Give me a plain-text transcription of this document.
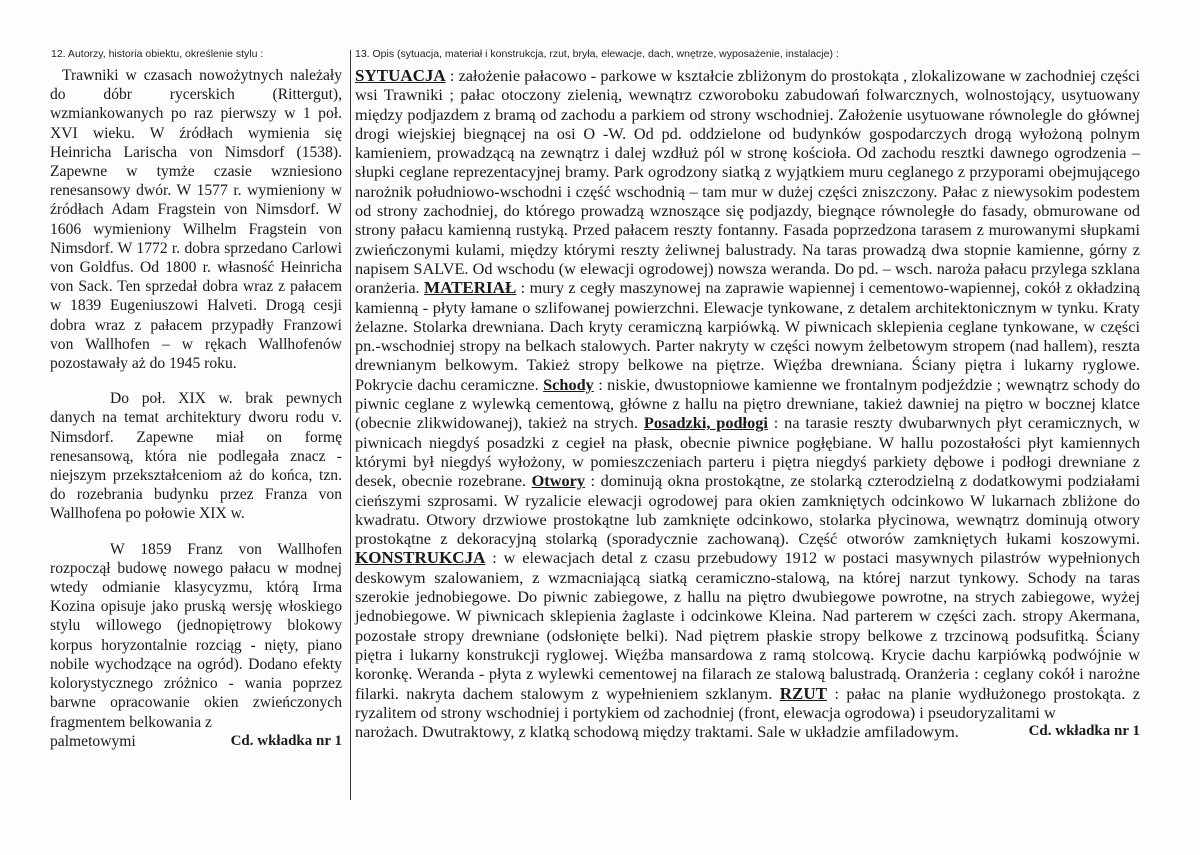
12. Autorzy, historia obiektu, określenie stylu :

Trawniki w czasach nowożytnych należały do dóbr rycerskich (Rittergut), wzmiankowanych po raz pierwszy w 1 poł. XVI wieku. W źródłach wymienia się Heinricha Larischa von Nimsdorf (1538). Zapewne w tymże czasie wzniesiono renesansowy dwór. W 1577 r. wymieniony w źródłach Adam Fragstein von Nimsdorf. W 1606 wymieniony Wilhelm Fragstein von Nimsdorf. W 1772 r. dobra sprzedano Carlowi von Goldfus. Od 1800 r. własność Heinricha von Sack. Ten sprzedał dobra wraz z pałacem w 1839 Eugeniuszowi Halveti. Drogą cesji dobra wraz z pałacem przypadły Franzowi von Wallhofen – w rękach Wallhofenów pozostawały aż do 1945 roku.

Do poł. XIX w. brak pewnych danych na temat architektury dworu rodu v. Nimsdorf. Zapewne miał on formę renesansową, która nie podlegała znacz - niejszym przekształceniom aż do końca, tzn. do rozebrania budynku przez Franza von Wallhofena po połowie XIX w.

W 1859 Franz von Wallhofen rozpoczął budowę nowego pałacu w modnej wtedy odmianie klasycyzmu, którą Irma Kozina opisuje jako pruską wersję włoskiego stylu willowego (jednopiętrowy blokowy korpus horyzontalnie rozciąg - nięty, piano nobile wychodzące na ogród). Dodano efekty kolorystycznego zróżnico - wania poprzez barwne opracowanie okien zwieńczonych fragmentem belkowania z

palmetowymi	Cd. wkładka nr 1
13. Opis (sytuacja, materiał i konstrukcja, rzut, bryła, elewacje, dach, wnętrze, wyposażenie, instalacje) :

SYTUACJA : założenie pałacowo - parkowe w kształcie zbliżonym do prostokąta , zlokalizowane w zachodniej części wsi Trawniki ; pałac otoczony zielenią, wewnątrz czworoboku zabudowań folwarcznych, wolnostojący, usytuowany między podjazdem z bramą od zachodu a parkiem od strony wschodniej. Założenie usytuowane równolegle do głównej drogi wiejskiej biegnącej na osi O -W. Od pd. oddzielone od budynków gospodarczych drogą wyłożoną polnym kamieniem, prowadzącą na zewnątrz i dalej wzdłuż pól w stronę kościoła. Od zachodu resztki dawnego ogrodzenia – słupki ceglane reprezentacyjnej bramy. Park ogrodzony siatką z wyjątkiem muru ceglanego z przyporami obejmującego narożnik południowo-wschodni i część wschodnią – tam mur w dużej części zniszczony. Pałac z niewysokim podestem od strony zachodniej, do którego prowadzą wznoszące się podjazdy, biegnące równoległe do fasady, obmurowane od strony pałacu kamienną rustyką. Przed pałacem reszty fontanny. Fasada poprzedzona tarasem z murowanymi słupkami zwieńczonymi kulami, między którymi reszty żeliwnej balustrady. Na taras prowadzą dwa stopnie kamienne, górny z napisem SALVE. Od wschodu (w elewacji ogrodowej) nowsza weranda. Do pd. – wsch. naroża pałacu przylega szklana oranżeria. MATERIAŁ : mury z cegły maszynowej na zaprawie wapiennej i cementowo-wapiennej, cokół z okładziną kamienną - płyty łamane o szlifowanej powierzchni. Elewacje tynkowane, z detalem architektonicznym w tynku. Kraty żelazne. Stolarka drewniana. Dach kryty ceramiczną karpiówką. W piwnicach sklepienia ceglane tynkowane, w części pn.-wschodniej stropy na belkach stalowych. Parter nakryty w części nowym żelbetowym stropem (nad hallem), reszta drewnianym belkowym. Takież stropy belkowe na piętrze. Więźba drewniana. Ściany piętra i lukarny ryglowe. Pokrycie dachu ceramiczne. Schody : niskie, dwustopniowe kamienne we frontalnym podjeździe ; wewnątrz schody do piwnic ceglane z wylewką cementową, główne z hallu na piętro drewniane, takież dawniej na piętro w bocznej klatce (obecnie zlikwidowanej), takież na strych. Posadzki, podłogi : na tarasie reszty dwubarwnych płyt ceramicznych, w piwnicach niegdyś posadzki z cegieł na płask, obecnie piwnice pogłębiane. W hallu pozostałości płyt kamiennych którymi był niegdyś wyłożony, w pomieszczeniach parteru i piętra niegdyś parkiety dębowe i podłogi drewniane z desek, obecnie rozebrane. Otwory : dominują okna prostokątne, ze stolarką czterodzielną z dodatkowymi podziałami cieńszymi szprosami. W ryzalicie elewacji ogrodowej para okien zamkniętych odcinkowo W lukarnach zbliżone do kwadratu. Otwory drzwiowe prostokątne lub zamknięte odcinkowo, stolarka płycinowa, wewnątrz dominują otwory prostokątne z dekoracyjną stolarką (sporadycznie zachowaną). Część otworów zamkniętych łukami koszowymi. KONSTRUKCJA : w elewacjach detal z czasu przebudowy 1912 w postaci masywnych pilastrów wypełnionych deskowym szalowaniem, z wzmacniającą siatką ceramiczno-stalową, na której narzut tynkowy. Schody na taras szerokie jednobiegowe. Do piwnic zabiegowe, z hallu na piętro dwubiegowe powrotne, na strych zabiegowe, wyżej jednobiegowe. W piwnicach sklepienia żaglaste i odcinkowe Kleina. Nad parterem w części zach. stropy Akermana, pozostałe stropy drewniane (odsłonięte belki). Nad piętrem płaskie stropy belkowe z trzcinową podsufitką. Ściany piętra i lukarny konstrukcji ryglowej. Więźba mansardowa z ramą stolcową. Krycie dachu karpiówką podwójnie w koronkę. Weranda - płyta z wylewki cementowej na filarach ze stalową balustradą. Oranżeria : ceglany cokół i narożne filarki. nakryta dachem stalowym z wypełnieniem szklanym. RZUT : pałac na planie wydłużonego prostokąta. z ryzalitem od strony wschodniej i portykiem od zachodniej (front, elewacja ogrodowa) i pseudoryzalitami w

narożach. Dwutraktowy, z klatką schodową między traktami. Sale w układzie amfiladowym.	Cd. wkładka nr 1
